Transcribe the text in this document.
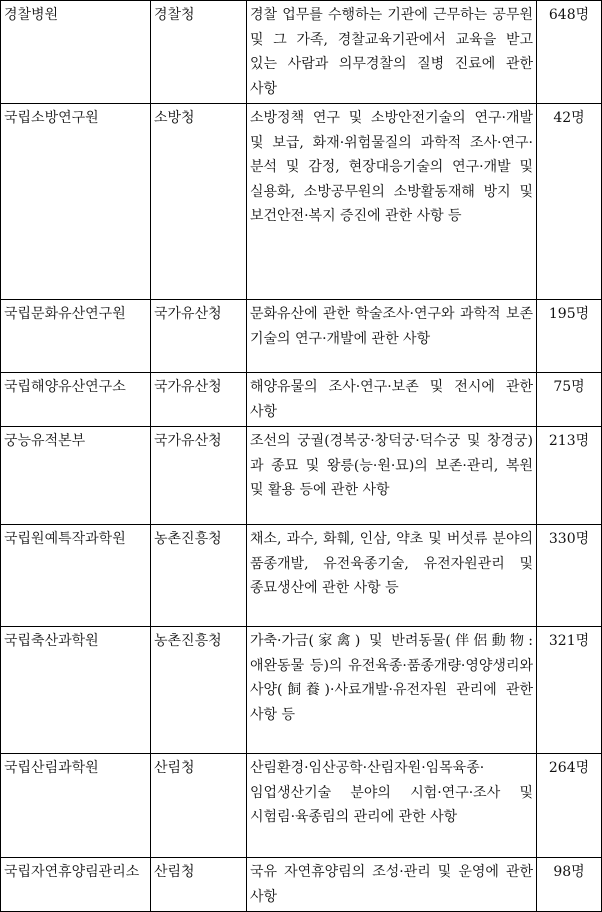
경찰병원	경찰청	경찰 업무를 수행하는 기관에 근무하는 공무원 및 그 가족, 경찰교육기관에서 교육을 받고 있는 사람과 의무경찰의 질병 진료에 관한 사항	648명
국립소방연구원	소방청	소방정책 연구 및 소방안전기술의 연구·개발 및 보급, 화재·위험물질의 과학적 조사·연구·분석 및 감정, 현장대응기술의 연구·개발 및 실용화, 소방공무원의 소방활동재해 방지 및 보건안전·복지 증진에 관한 사항 등	42명
국립문화유산연구원	국가유산청	문화유산에 관한 학술조사·연구와 과학적 보존 기술의 연구·개발에 관한 사항	195명
국립해양유산연구소	국가유산청	해양유물의 조사·연구·보존 및 전시에 관한 사항	75명
궁능유적본부	국가유산청	조선의 궁궐(경복궁·창덕궁·덕수궁 및 창경궁)과 종묘 및 왕릉(능·원·묘)의 보존·관리, 복원 및 활용 등에 관한 사항	213명
국립원예특작과학원	농촌진흥청	채소, 과수, 화훼, 인삼, 약초 및 버섯류 분야의 품종개발, 유전육종기술, 유전자원관리 및 종묘생산에 관한 사항 등	330명
국립축산과학원	농촌진흥청	가축·가금(家禽) 및 반려동물(伴侶動物: 애완동물 등)의 유전육종·품종개량·영양생리와 사양(飼養)·사료개발·유전자원 관리에 관한 사항 등	321명
국립산림과학원	산림청	산림환경·임산공학·산림자원·임목육종·임업생산기술 분야의 시험·연구·조사 및 시험림·육종림의 관리에 관한 사항	264명
국립자연휴양림관리소	산림청	국유 자연휴양림의 조성·관리 및 운영에 관한 사항	98명
